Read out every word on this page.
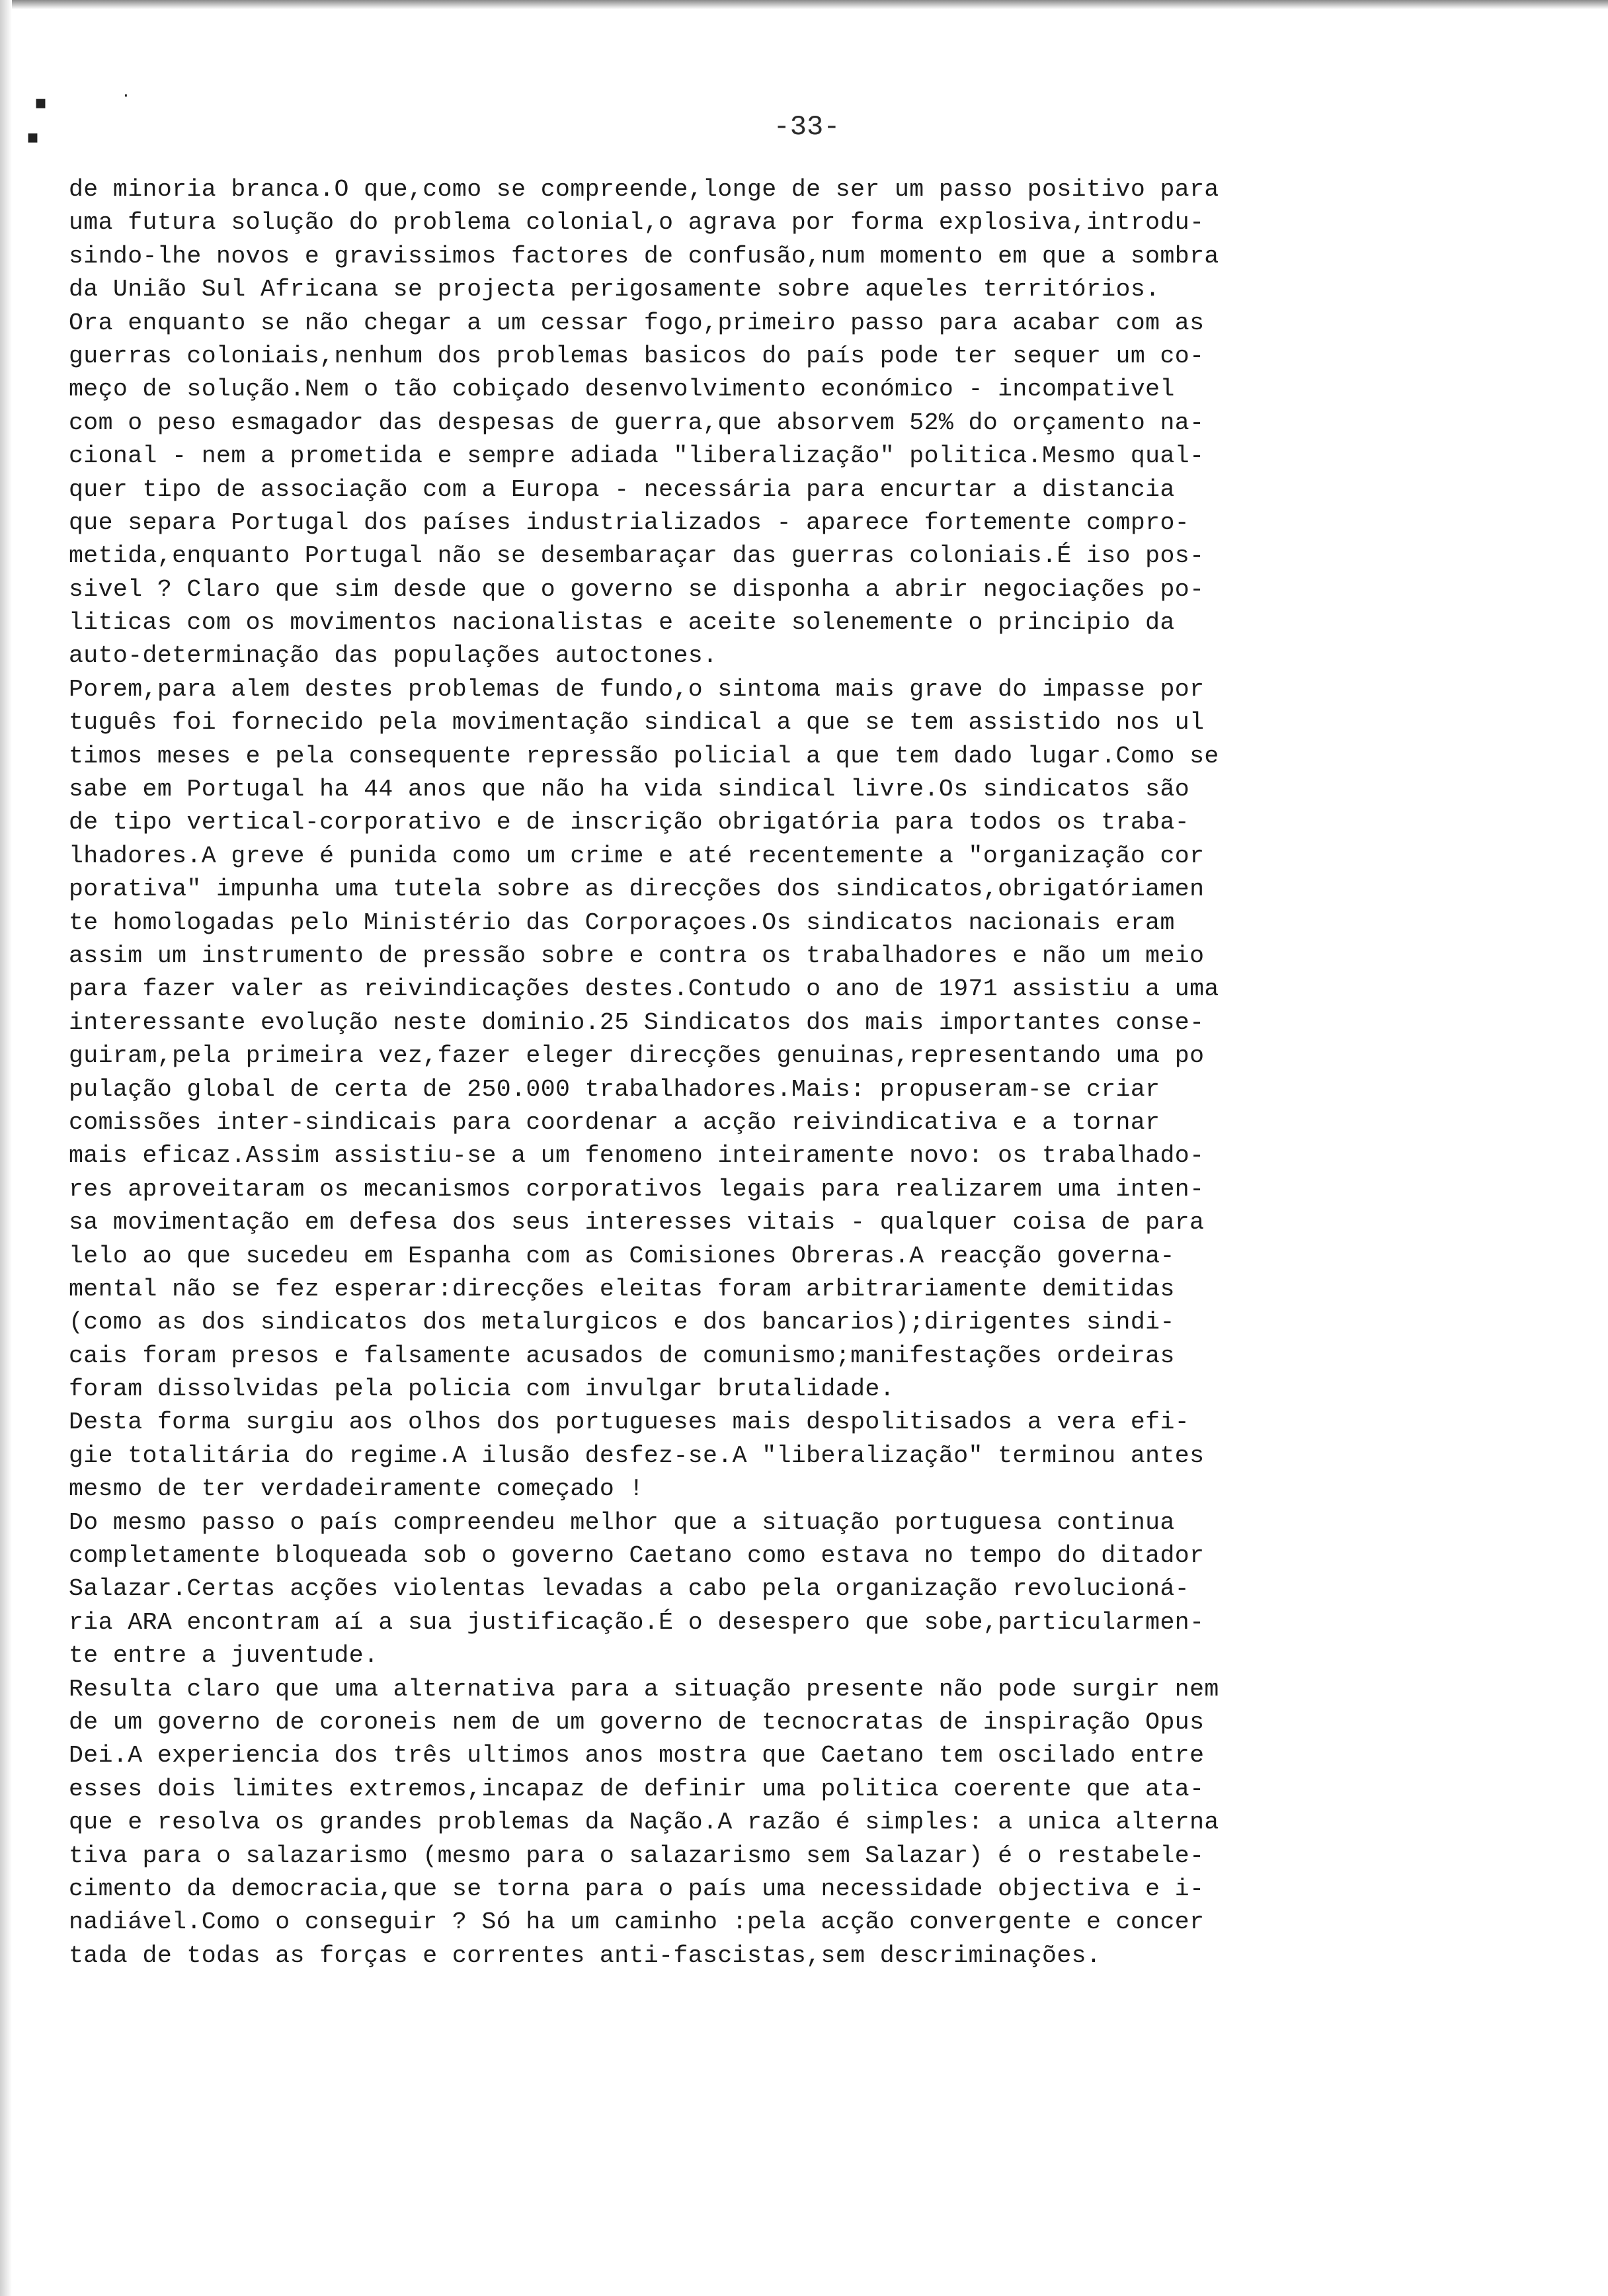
▪	·
▪	-33-
de minoria branca.O que,como se compreende,longe de ser um passo positivo para
uma futura solução do problema colonial,o agrava por forma explosiva,introdu-
sindo-lhe novos e gravissimos factores de confusão,num momento em que a sombra
da União Sul Africana se projecta perigosamente sobre aqueles territórios.
Ora enquanto se não chegar a um cessar fogo,primeiro passo para acabar com as
guerras coloniais,nenhum dos problemas basicos do país pode ter sequer um co-
meço de solução.Nem o tão cobiçado desenvolvimento económico - incompativel
com o peso esmagador das despesas de guerra,que absorvem 52% do orçamento na-
cional - nem a prometida e sempre adiada "liberalização" politica.Mesmo qual-
quer tipo de associação com a Europa - necessária para encurtar a distancia
que separa Portugal dos países industrializados - aparece fortemente compro-
metida,enquanto Portugal não se desembaraçar das guerras coloniais.É iso pos-
sivel ? Claro que sim desde que o governo se disponha a abrir negociações po-
liticas com os movimentos nacionalistas e aceite solenemente o principio da
auto-determinação das populações autoctones.
Porem,para alem destes problemas de fundo,o sintoma mais grave do impasse por
tuguês foi fornecido pela movimentação sindical a que se tem assistido nos ul
timos meses e pela consequente repressão policial a que tem dado lugar.Como se
sabe em Portugal ha 44 anos que não ha vida sindical livre.Os sindicatos são
de tipo vertical-corporativo e de inscrição obrigatória para todos os traba-
lhadores.A greve é punida como um crime e até recentemente a "organização cor
porativa" impunha uma tutela sobre as direcções dos sindicatos,obrigatóriamen
te homologadas pelo Ministério das Corporaçoes.Os sindicatos nacionais eram
assim um instrumento de pressão sobre e contra os trabalhadores e não um meio
para fazer valer as reivindicações destes.Contudo o ano de 1971 assistiu a uma
interessante evolução neste dominio.25 Sindicatos dos mais importantes conse-
guiram,pela primeira vez,fazer eleger direcções genuinas,representando uma po
pulação global de certa de 250.000 trabalhadores.Mais: propuseram-se criar
comissões inter-sindicais para coordenar a acção reivindicativa e a tornar
mais eficaz.Assim assistiu-se a um fenomeno inteiramente novo: os trabalhado-
res aproveitaram os mecanismos corporativos legais para realizarem uma inten-
sa movimentação em defesa dos seus interesses vitais - qualquer coisa de para
lelo ao que sucedeu em Espanha com as Comisiones Obreras.A reacção governa-
mental não se fez esperar:direcções eleitas foram arbitrariamente demitidas
(como as dos sindicatos dos metalurgicos e dos bancarios);dirigentes sindi-
cais foram presos e falsamente acusados de comunismo;manifestações ordeiras
foram dissolvidas pela policia com invulgar brutalidade.
Desta forma surgiu aos olhos dos portugueses mais despolitisados a vera efi-
gie totalitária do regime.A ilusão desfez-se.A "liberalização" terminou antes
mesmo de ter verdadeiramente começado !
Do mesmo passo o país compreendeu melhor que a situação portuguesa continua
completamente bloqueada sob o governo Caetano como estava no tempo do ditador
Salazar.Certas acções violentas levadas a cabo pela organização revolucioná-
ria ARA encontram aí a sua justificação.É o desespero que sobe,particularmen-
te entre a juventude.
Resulta claro que uma alternativa para a situação presente não pode surgir nem
de um governo de coroneis nem de um governo de tecnocratas de inspiração Opus
Dei.A experiencia dos três ultimos anos mostra que Caetano tem oscilado entre
esses dois limites extremos,incapaz de definir uma politica coerente que ata-
que e resolva os grandes problemas da Nação.A razão é simples: a unica alterna
tiva para o salazarismo (mesmo para o salazarismo sem Salazar) é o restabele-
cimento da democracia,que se torna para o país uma necessidade objectiva e i-
nadiável.Como o conseguir ? Só ha um caminho :pela acção convergente e concer
tada de todas as forças e correntes anti-fascistas,sem descriminações.
